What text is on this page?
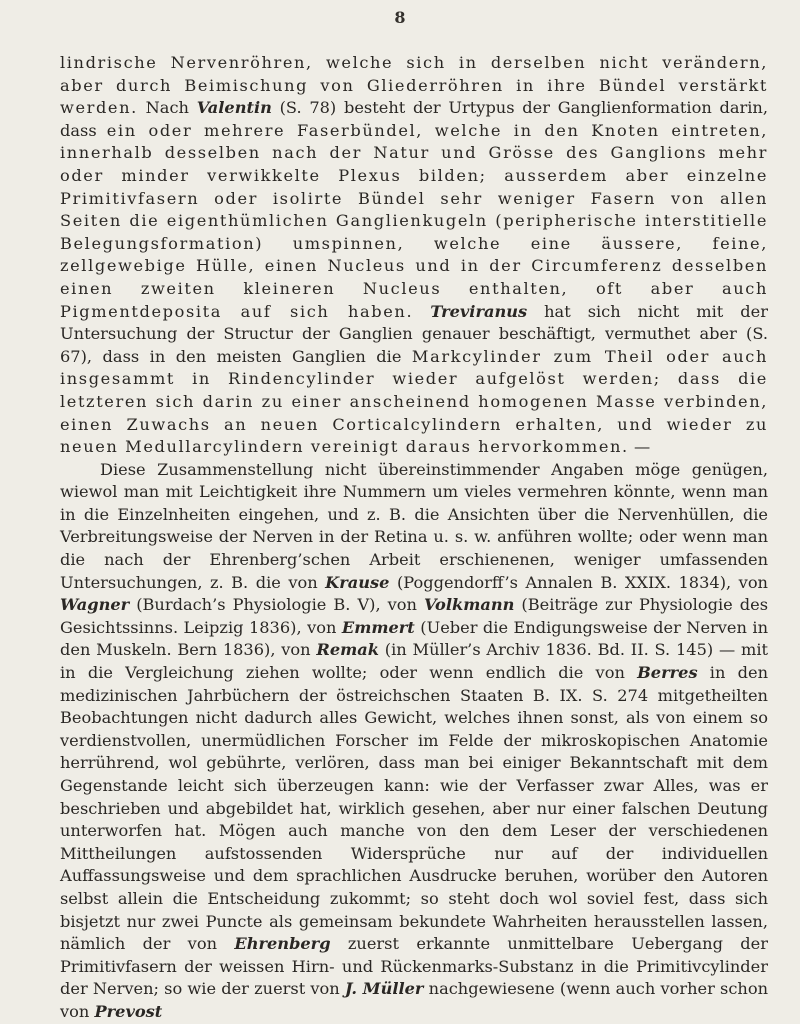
8

lindrische Nervenröhren, welche sich in derselben nicht verändern, aber durch Beimischung von Gliederröhren in ihre Bündel verstärkt werden. Nach Valentin (S. 78) besteht der Urtypus der Ganglienformation darin, dass ein oder mehrere Faserbündel, welche in den Knoten eintreten, innerhalb desselben nach der Natur und Grösse des Ganglions mehr oder minder verwikkelte Plexus bilden; ausserdem aber einzelne Primitivfasern oder isolirte Bündel sehr weniger Fasern von allen Seiten die eigenthümlichen Ganglienkugeln (peripherische interstitielle Belegungsformation) umspinnen, welche eine äussere, feine, zellgewebige Hülle, einen Nucleus und in der Circumferenz desselben einen zweiten kleineren Nucleus enthalten, oft aber auch Pigmentdeposita auf sich haben. Treviranus hat sich nicht mit der Untersuchung der Structur der Ganglien genauer beschäftigt, vermuthet aber (S. 67), dass in den meisten Ganglien die Markcylinder zum Theil oder auch insgesammt in Rindencylinder wieder aufgelöst werden; dass die letzteren sich darin zu einer anscheinend homogenen Masse verbinden, einen Zuwachs an neuen Corticalcylindern erhalten, und wieder zu neuen Medullarcylindern vereinigt daraus hervorkommen. —

Diese Zusammenstellung nicht übereinstimmender Angaben möge genügen, wiewol man mit Leichtigkeit ihre Nummern um vieles vermehren könnte, wenn man in die Einzelnheiten eingehen, und z. B. die Ansichten über die Nervenhüllen, die Verbreitungsweise der Nerven in der Retina u. s. w. anführen wollte; oder wenn man die nach der Ehrenberg’schen Arbeit erschienenen, weniger umfassenden Untersuchungen, z. B. die von Krause (Poggendorff’s Annalen B. XXIX. 1834), von Wagner (Burdach’s Physiologie B. V), von Volkmann (Beiträge zur Physiologie des Gesichtssinns. Leipzig 1836), von Emmert (Ueber die Endigungsweise der Nerven in den Muskeln. Bern 1836), von Remak (in Müller’s Archiv 1836. Bd. II. S. 145) — mit in die Vergleichung ziehen wollte; oder wenn endlich die von Berres in den medizinischen Jahrbüchern der östreichschen Staaten B. IX. S. 274 mitgetheilten Beobachtungen nicht dadurch alles Gewicht, welches ihnen sonst, als von einem so verdienstvollen, unermüdlichen Forscher im Felde der mikroskopischen Anatomie herrührend, wol gebührte, verlören, dass man bei einiger Bekanntschaft mit dem Gegenstande leicht sich überzeugen kann: wie der Verfasser zwar Alles, was er beschrieben und abgebildet hat, wirklich gesehen, aber nur einer falschen Deutung unterworfen hat. Mögen auch manche von den dem Leser der verschiedenen Mittheilungen aufstossenden Widersprüche nur auf der individuellen Auffassungsweise und dem sprachlichen Ausdrucke beruhen, worüber den Autoren selbst allein die Entscheidung zukommt; so steht doch wol soviel fest, dass sich bisjetzt nur zwei Puncte als gemeinsam bekundete Wahrheiten herausstellen lassen, nämlich der von Ehrenberg zuerst erkannte unmittelbare Uebergang der Primitivfasern der weissen Hirn- und Rückenmarks-Substanz in die Primitivcylinder der Nerven; so wie der zuerst von J. Müller nachgewiesene (wenn auch vorher schon von Prevost
